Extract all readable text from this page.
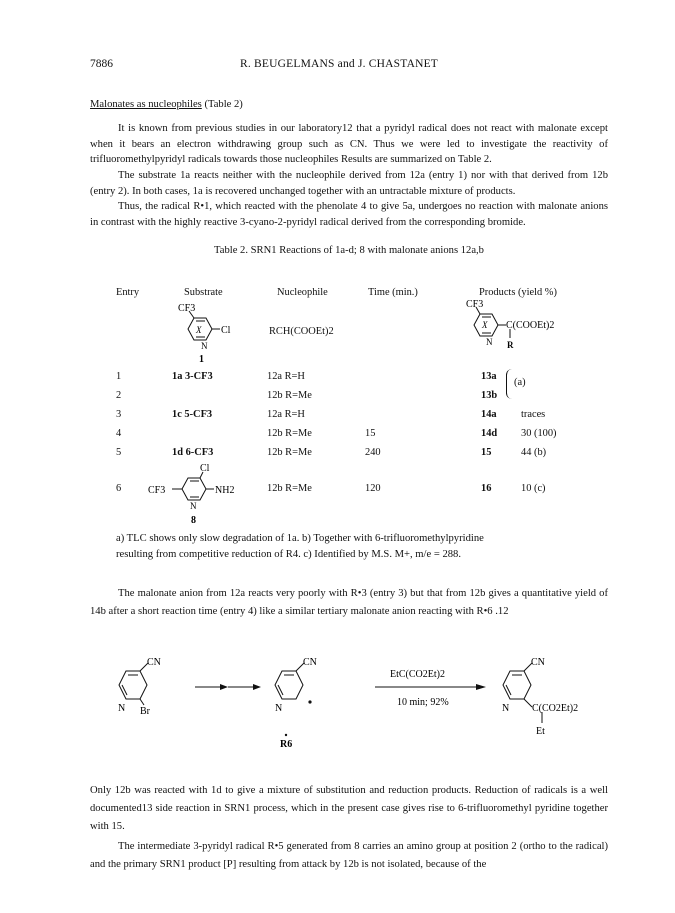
7886	R. BEUGELMANS and J. CHASTANET
Malonates as nucleophiles (Table 2)
It is known from previous studies in our laboratory12 that a pyridyl radical does not react with malonate except when it bears an electron withdrawing group such as CN. Thus we were led to investigate the reactivity of trifluoromethylpyridyl radicals towards those nucleophiles Results are summarized on Table 2.
The substrate 1a reacts neither with the nucleophile derived from 12a (entry 1) nor with that derived from 12b (entry 2). In both cases, 1a is recovered unchanged together with an untractable mixture of products.
Thus, the radical R•1, which reacted with the phenolate 4 to give 5a, undergoes no reaction with malonate anions in contrast with the highly reactive 3-cyano-2-pyridyl radical derived from the corresponding bromide.
Table 2. SRN1 Reactions of 1a-d; 8 with malonate anions 12a,b
Entry	Substrate	Nucleophile	Time (min.)	Products (yield %)
CF3
X Cl
N
1
RCH(COOEt)2
CF3
X
N
C(COOEt)2
R
1	1a 3-CF3	12a R=H		13a	
2		12b R=Me		13b	
3	1c 5-CF3	12a R=H		14a	traces
4		12b R=Me	15	14d	30 (100)
5	1d 6-CF3	12b R=Me	240	15	44 (b)
6		12b R=Me	120	16	10 (c)
(a)
Cl
CF3	NH2
N
8
a) TLC shows only slow degradation of 1a. b) Together with 6-trifluoromethylpyridine
resulting from competitive reduction of R4. c) Identified by M.S. M+, m/e = 288.
The malonate anion from 12a reacts very poorly with R•3 (entry 3) but that from 12b gives a quantitative yield of 14b after a short reaction time (entry 4) like a similar tertiary malonate anion reacting with R•6 .12
CN
N Br
CN
N
R6
EtC(CO2Et)2
10 min; 92%
CN
N C(CO2Et)2
Et
Only 12b was reacted with 1d to give a mixture of substitution and reduction products. Reduction of radicals is a well documented13 side reaction in SRN1 process, which in the present case gives rise to 6-trifluoromethyl pyridine together with 15.
The intermediate 3-pyridyl radical R•5 generated from 8 carries an amino group at position 2 (ortho to the radical) and the primary SRN1 product [P] resulting from attack by 12b is not isolated, because of the
